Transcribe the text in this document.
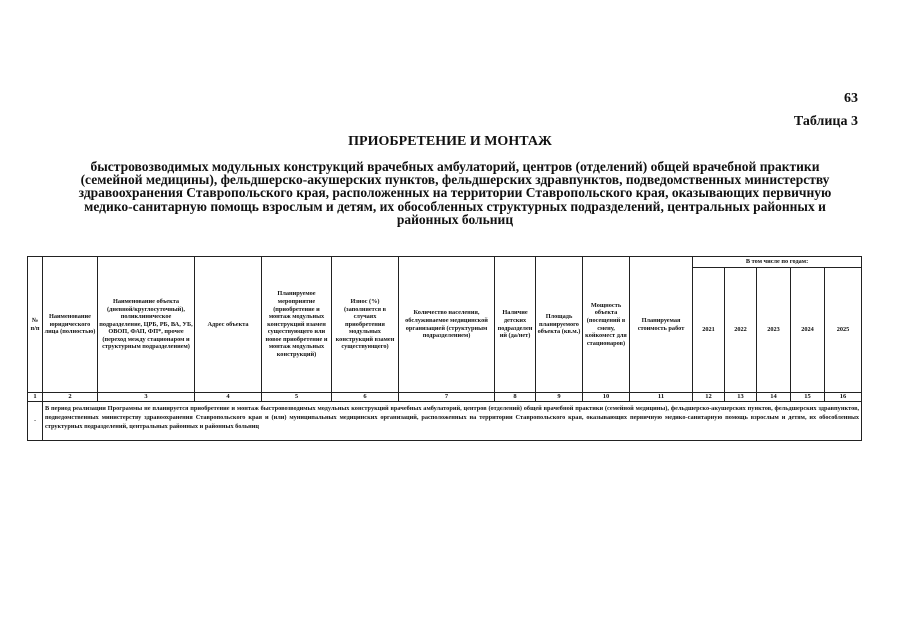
63
Таблица 3
ПРИОБРЕТЕНИЕ И МОНТАЖ
быстровозводимых модульных конструкций врачебных амбулаторий, центров (отделений) общей врачебной практики (семейной медицины), фельдшерско-акушерских пунктов, фельдшерских здравпунктов, подведомственных министерству здравоохранения Ставропольского края, расположенных на территории Ставропольского края, оказывающих первичную медико-санитарную помощь взрослым и детям, их обособленных структурных подразделений, центральных районных и районных больниц
№ п/п	Наименование юридического лица (полностью)	Наименование объекта (дневной/круглосуточный), поликлиническое подразделение, ЦРБ, РБ, ВА, УБ, ОВОП, ФАП, ФП*, прочее (переход между стационаром и структурным подразделением)	Адрес объекта	Планируемое мероприятие (приобретение и монтаж модульных конструкций взамен существующего или новое приобретение и монтаж модульных конструкций)	Износ (%) (заполняется в случаях приобретения модульных конструкций взамен существующего)	Количество населения, обслуживаемое медицинской организацией (структурным подразделением)	Наличие детских подразделений (да/нет)	Площадь планируемого объекта (кв.м.)	Мощность объекта (посещений в смену, койкомест для стационаров)	Планируемая стоимость работ	В том числе по годам:				
											2021	2022	2023	2024	2025
1	2	3	4	5	6	7	8	9	10	11	12	13	14	15	16
-	В период реализации Программы не планируется приобретение и монтаж быстровозводимых модульных конструкций врачебных амбулаторий, центров (отделений) общей врачебной практики (семейной медицины), фельдшерско-акушерских пунктов, фельдшерских здравпунктов, подведомственных министерству здравоохранения Ставропольского края и (или) муниципальных медицинских организаций, расположенных на территории Ставропольского края, оказывающих первичную медико-санитарную помощь взрослым и детям, их обособленных структурных подразделений, центральных районных и районных больниц														
